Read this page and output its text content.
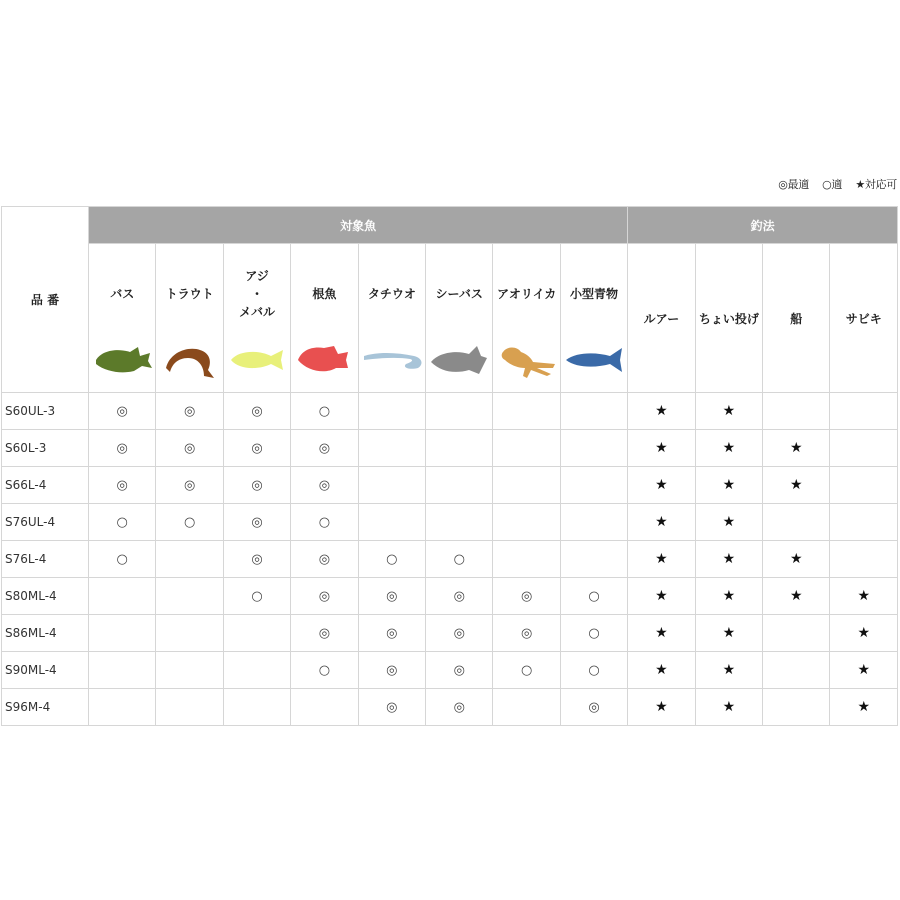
◎最適 ○適 ★対応可
品 番	対象魚								釣法			

バス	トラウト	アジ
・
メバル	根魚	タチウオ	シーバス	アオリイカ	小型青物	ルアー	ちょい投げ	船	サビキ
S60UL-3	◎	◎	◎	○					★	★		
S60L-3	◎	◎	◎	◎					★	★	★	
S66L-4	◎	◎	◎	◎					★	★	★	
S76UL-4	○	○	◎	○					★	★		
S76L-4	○		◎	◎	○	○			★	★	★	
S80ML-4			○	◎	◎	◎	◎	○	★	★	★	★
S86ML-4				◎	◎	◎	◎	○	★	★		★
S90ML-4				○	◎	◎	○	○	★	★		★
S96M-4					◎	◎		◎	★	★		★
